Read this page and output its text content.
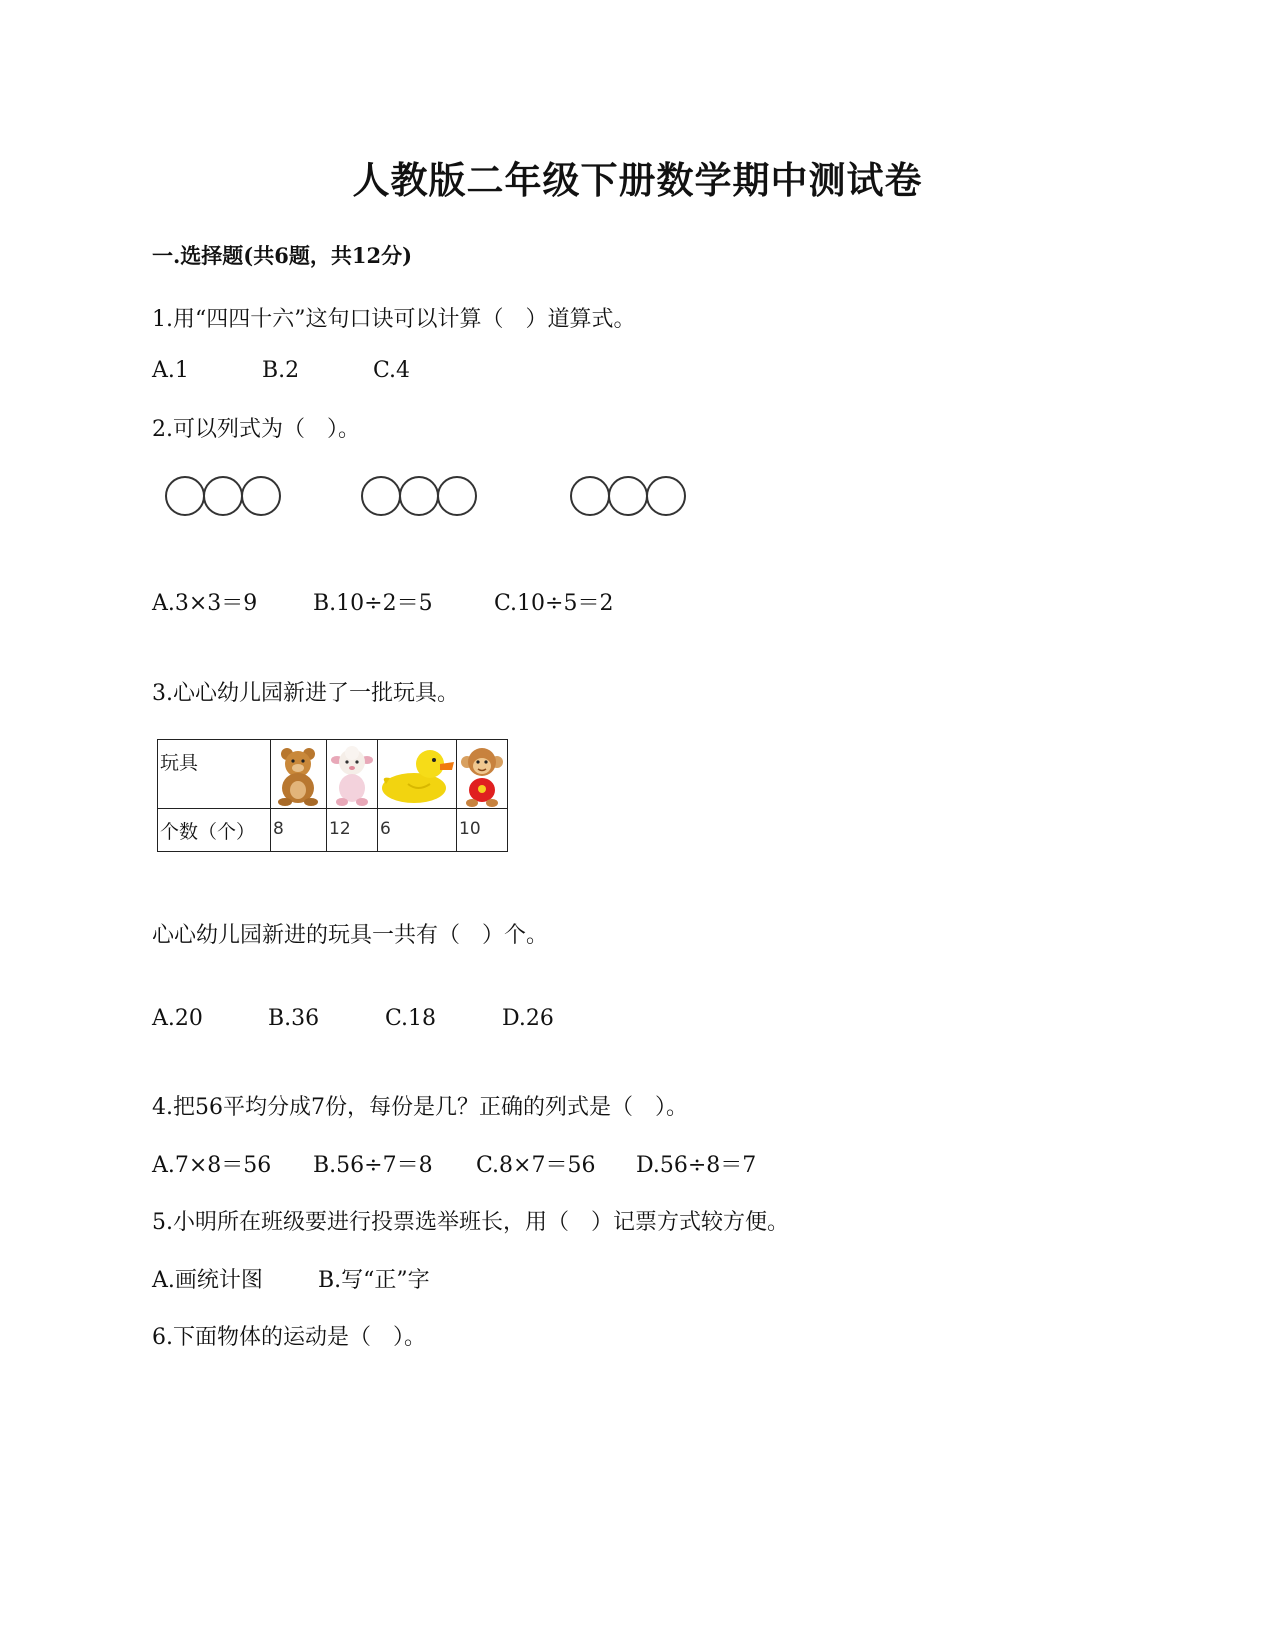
人教版二年级下册数学期中测试卷
一.选择题(共6题，共12分)
1.用“四四十六”这句口诀可以计算（　）道算式。
A.1	B.2	C.4
2.可以列式为（　）。
A.3×3＝9	B.10÷2＝5	C.10÷5＝2
3.心心幼儿园新进了一批玩具。
玩具

个数（个）	8	12	6	10
心心幼儿园新进的玩具一共有（　）个。
A.20	B.36	C.18	D.26
4.把56平均分成7份，每份是几？正确的列式是（　）。
A.7×8＝56 B.56÷7＝8 C.8×7＝56 D.56÷8＝7
5.小明所在班级要进行投票选举班长，用（　）记票方式较方便。
A.画统计图	B.写“正”字
6.下面物体的运动是（　）。
